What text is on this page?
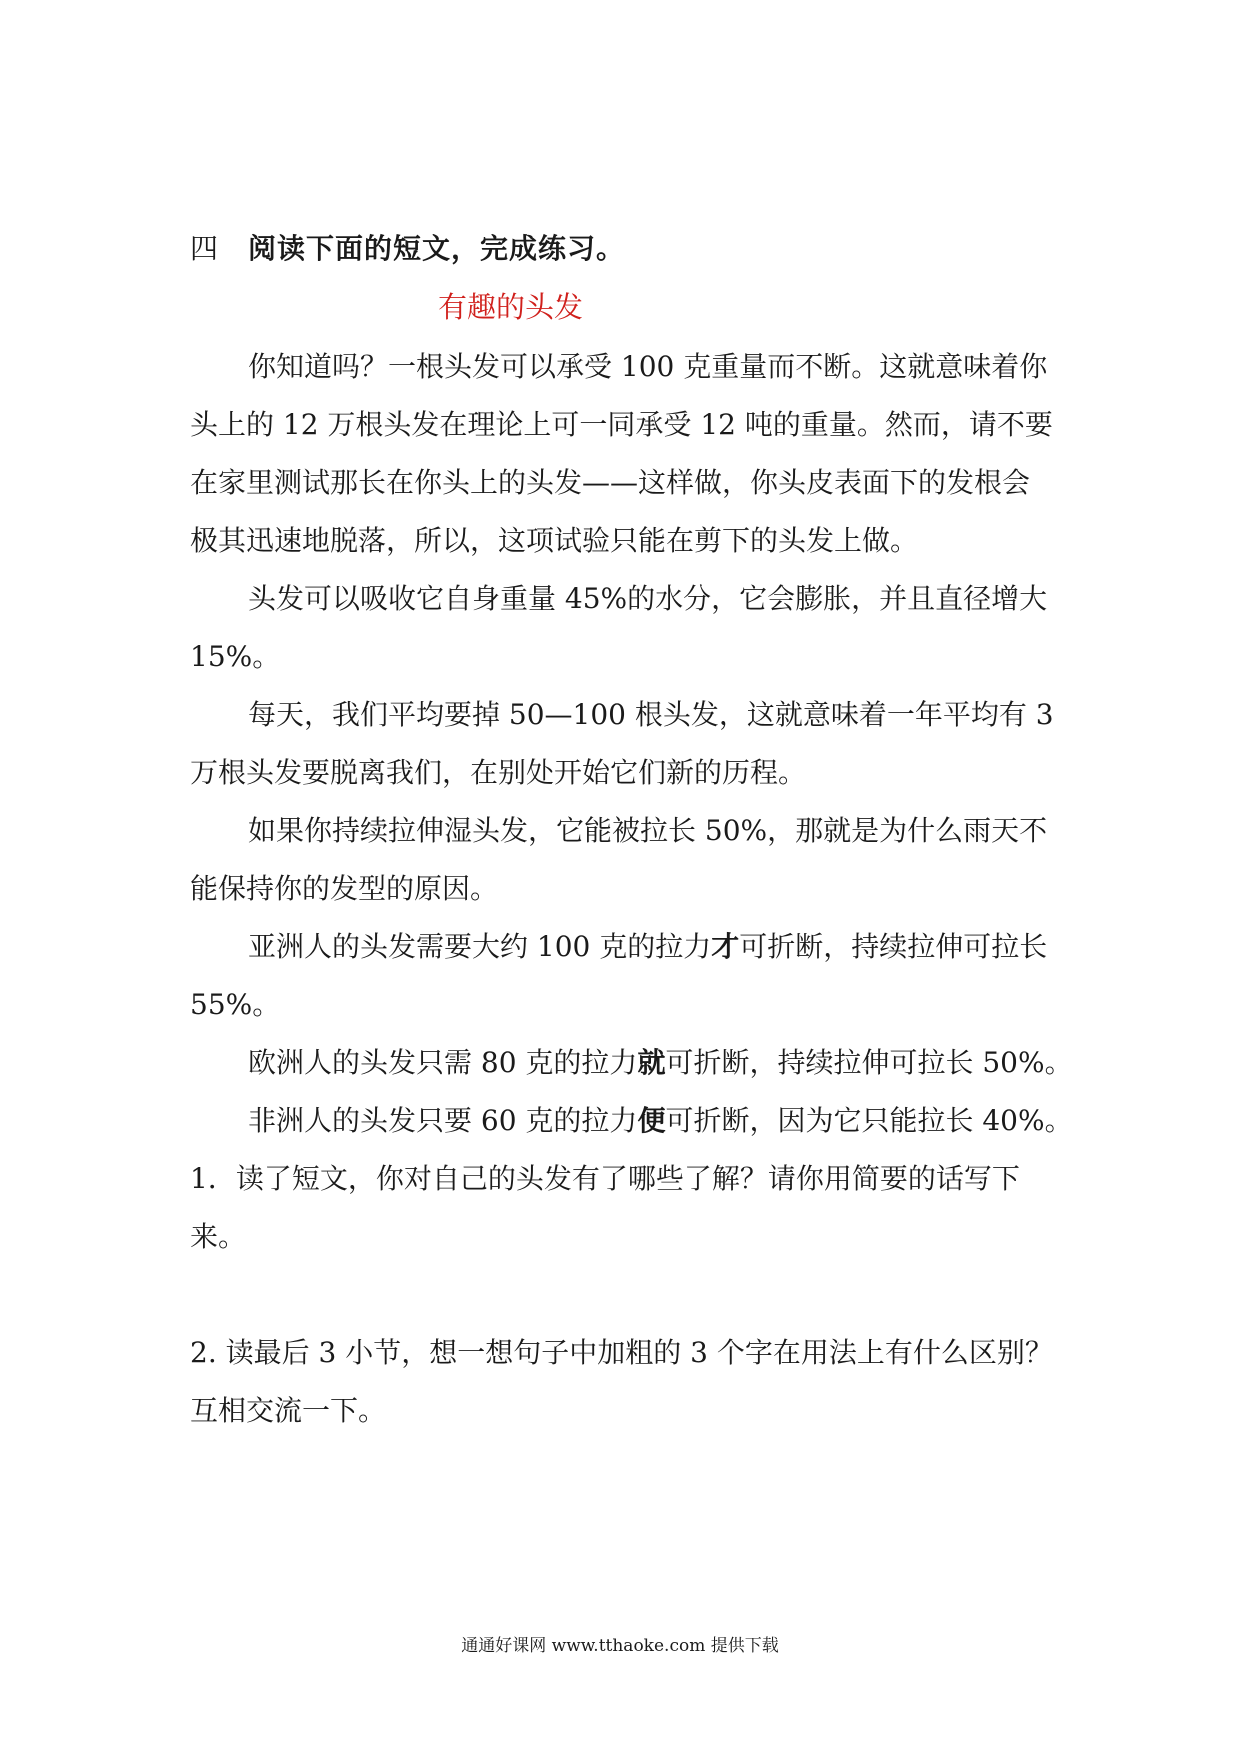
四 阅读下面的短文，完成练习。
有趣的头发
你知道吗？一根头发可以承受 100 克重量而不断。这就意味着你
头上的 12 万根头发在理论上可一同承受 12 吨的重量。然而，请不要
在家里测试那长在你头上的头发——这样做，你头皮表面下的发根会
极其迅速地脱落，所以，这项试验只能在剪下的头发上做。
头发可以吸收它自身重量 45%的水分，它会膨胀，并且直径增大
15%。
每天，我们平均要掉 50—100 根头发，这就意味着一年平均有 3
万根头发要脱离我们，在别处开始它们新的历程。
如果你持续拉伸湿头发，它能被拉长 50%，那就是为什么雨天不
能保持你的发型的原因。
亚洲人的头发需要大约 100 克的拉力才可折断，持续拉伸可拉长
55%。
欧洲人的头发只需 80 克的拉力就可折断，持续拉伸可拉长 50%。
非洲人的头发只要 60 克的拉力便可折断，因为它只能拉长 40%。
1．读了短文，你对自己的头发有了哪些了解？请你用简要的话写下
来。
2. 读最后 3 小节，想一想句子中加粗的 3 个字在用法上有什么区别？
互相交流一下。
通通好课网 www.tthaoke.com 提供下载
